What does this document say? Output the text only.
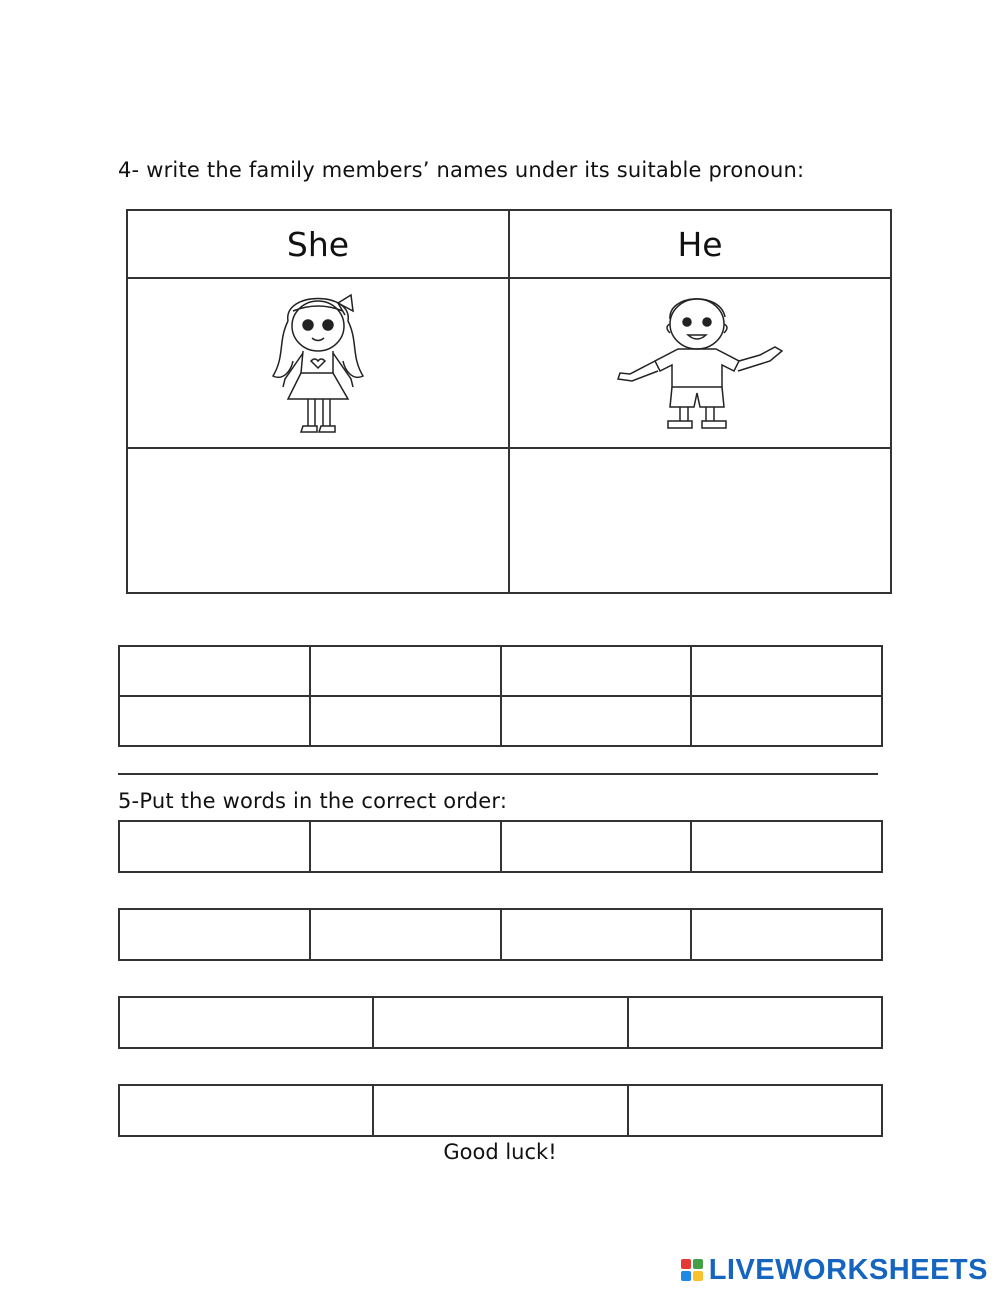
4- write the family members’ names under its suitable pronoun:
She	He

5-Put the words in the correct order:

Good luck!
LIVEWORKSHEETS
